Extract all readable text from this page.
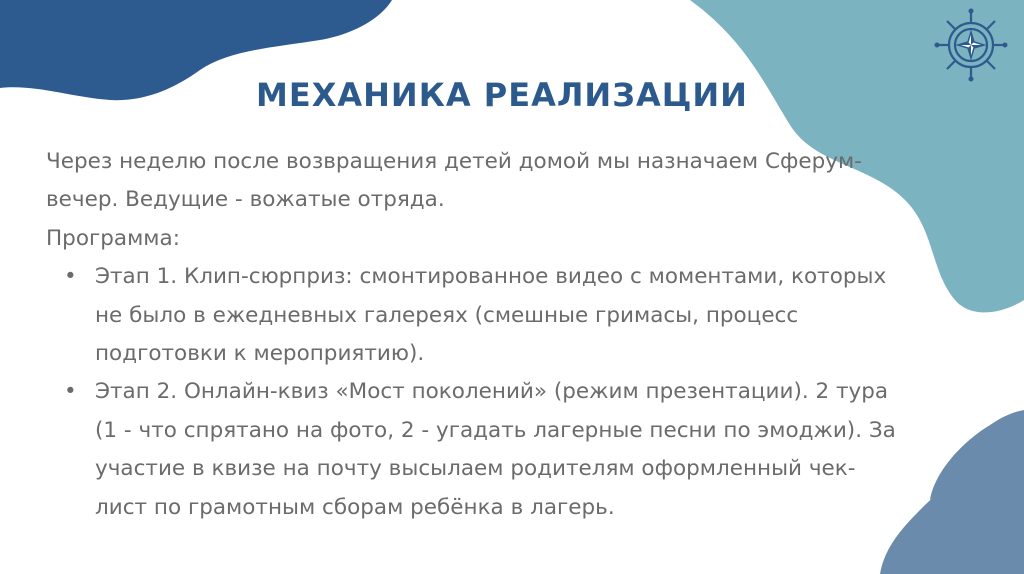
МЕХАНИКА РЕАЛИЗАЦИИ

Через неделю после возвращения детей домой мы назначаем Сферум-вечер. Ведущие - вожатые отряда.

Программа:

• Этап 1. Клип-сюрприз: смонтированное видео с моментами, которых не было в ежедневных галереях (смешные гримасы, процесс подготовки к мероприятию).
• Этап 2. Онлайн-квиз «Мост поколений» (режим презентации). 2 тура (1 - что спрятано на фото, 2 - угадать лагерные песни по эмоджи). За участие в квизе на почту высылаем родителям оформленный чек-лист по грамотным сборам ребёнка в лагерь.
